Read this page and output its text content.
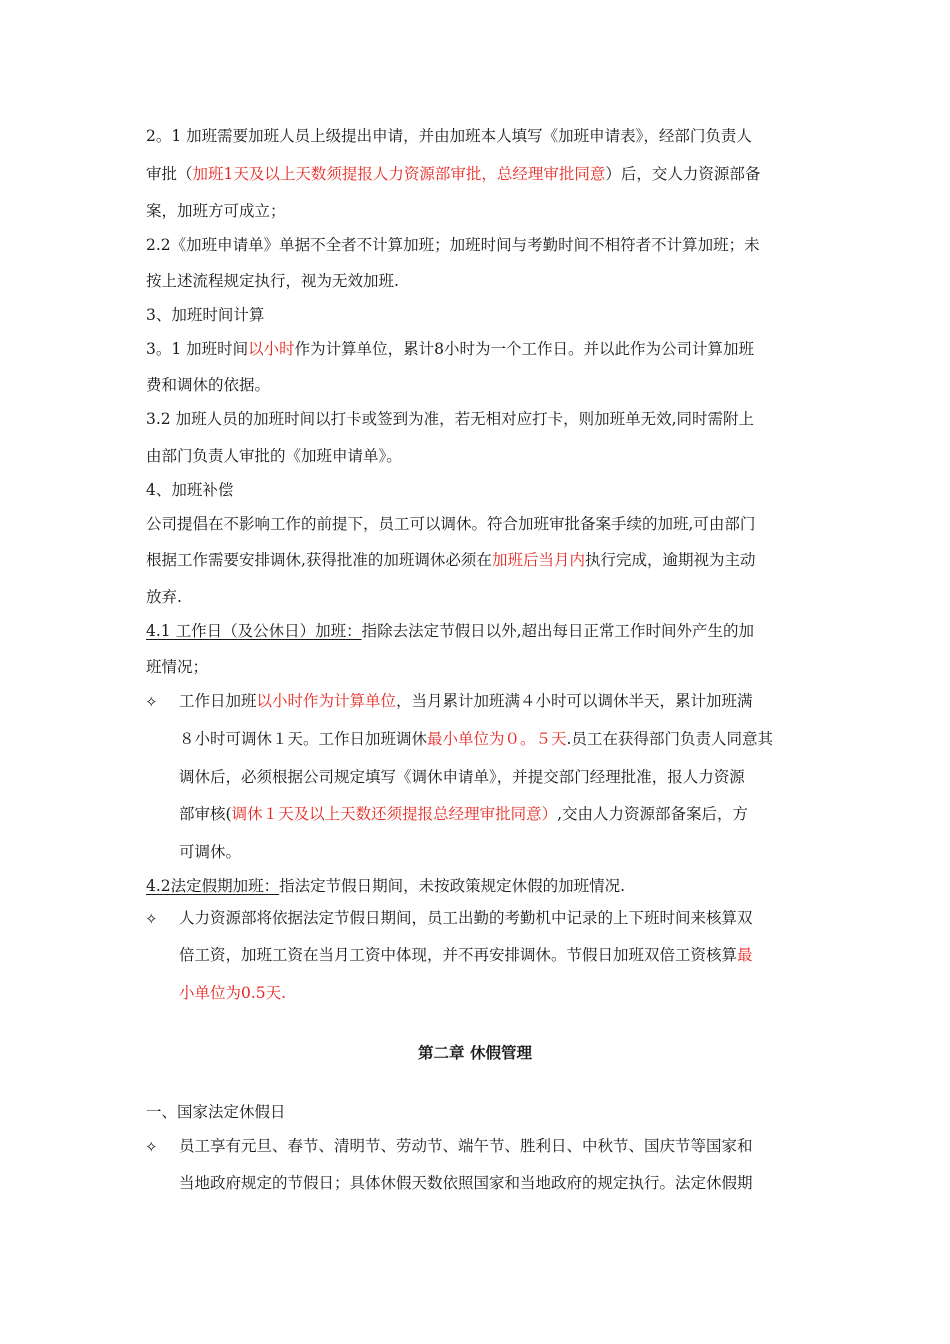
2。1 加班需要加班人员上级提出申请，并由加班本人填写《加班申请表》，经部门负责人
审批（加班1天及以上天数须提报人力资源部审批，总经理审批同意）后，交人力资源部备
案，加班方可成立；
2.2《加班申请单》单据不全者不计算加班；加班时间与考勤时间不相符者不计算加班；未
按上述流程规定执行，视为无效加班.
3、加班时间计算
3。1 加班时间以小时作为计算单位，累计8小时为一个工作日。并以此作为公司计算加班
费和调休的依据。
3.2 加班人员的加班时间以打卡或签到为准，若无相对应打卡，则加班单无效,同时需附上
由部门负责人审批的《加班申请单》。
4、加班补偿
公司提倡在不影响工作的前提下，员工可以调休。符合加班审批备案手续的加班,可由部门
根据工作需要安排调休,获得批准的加班调休必须在加班后当月内执行完成，逾期视为主动
放弃.
4.1 工作日（及公休日）加班：指除去法定节假日以外,超出每日正常工作时间外产生的加
班情况；
✧ 工作日加班以小时作为计算单位，当月累计加班满４小时可以调休半天，累计加班满
８小时可调休１天。工作日加班调休最小单位为０。５天.员工在获得部门负责人同意其
调休后，必须根据公司规定填写《调休申请单》，并提交部门经理批准，报人力资源
部审核(调休１天及以上天数还须提报总经理审批同意）,交由人力资源部备案后，方
可调休。
4.2法定假期加班：指法定节假日期间，未按政策规定休假的加班情况.
✧ 人力资源部将依据法定节假日期间，员工出勤的考勤机中记录的上下班时间来核算双
倍工资，加班工资在当月工资中体现，并不再安排调休。节假日加班双倍工资核算最
小单位为0.5天.
第二章 休假管理
一、国家法定休假日
✧ 员工享有元旦、春节、清明节、劳动节、端午节、胜利日、中秋节、国庆节等国家和
当地政府规定的节假日；具体休假天数依照国家和当地政府的规定执行。法定休假期
